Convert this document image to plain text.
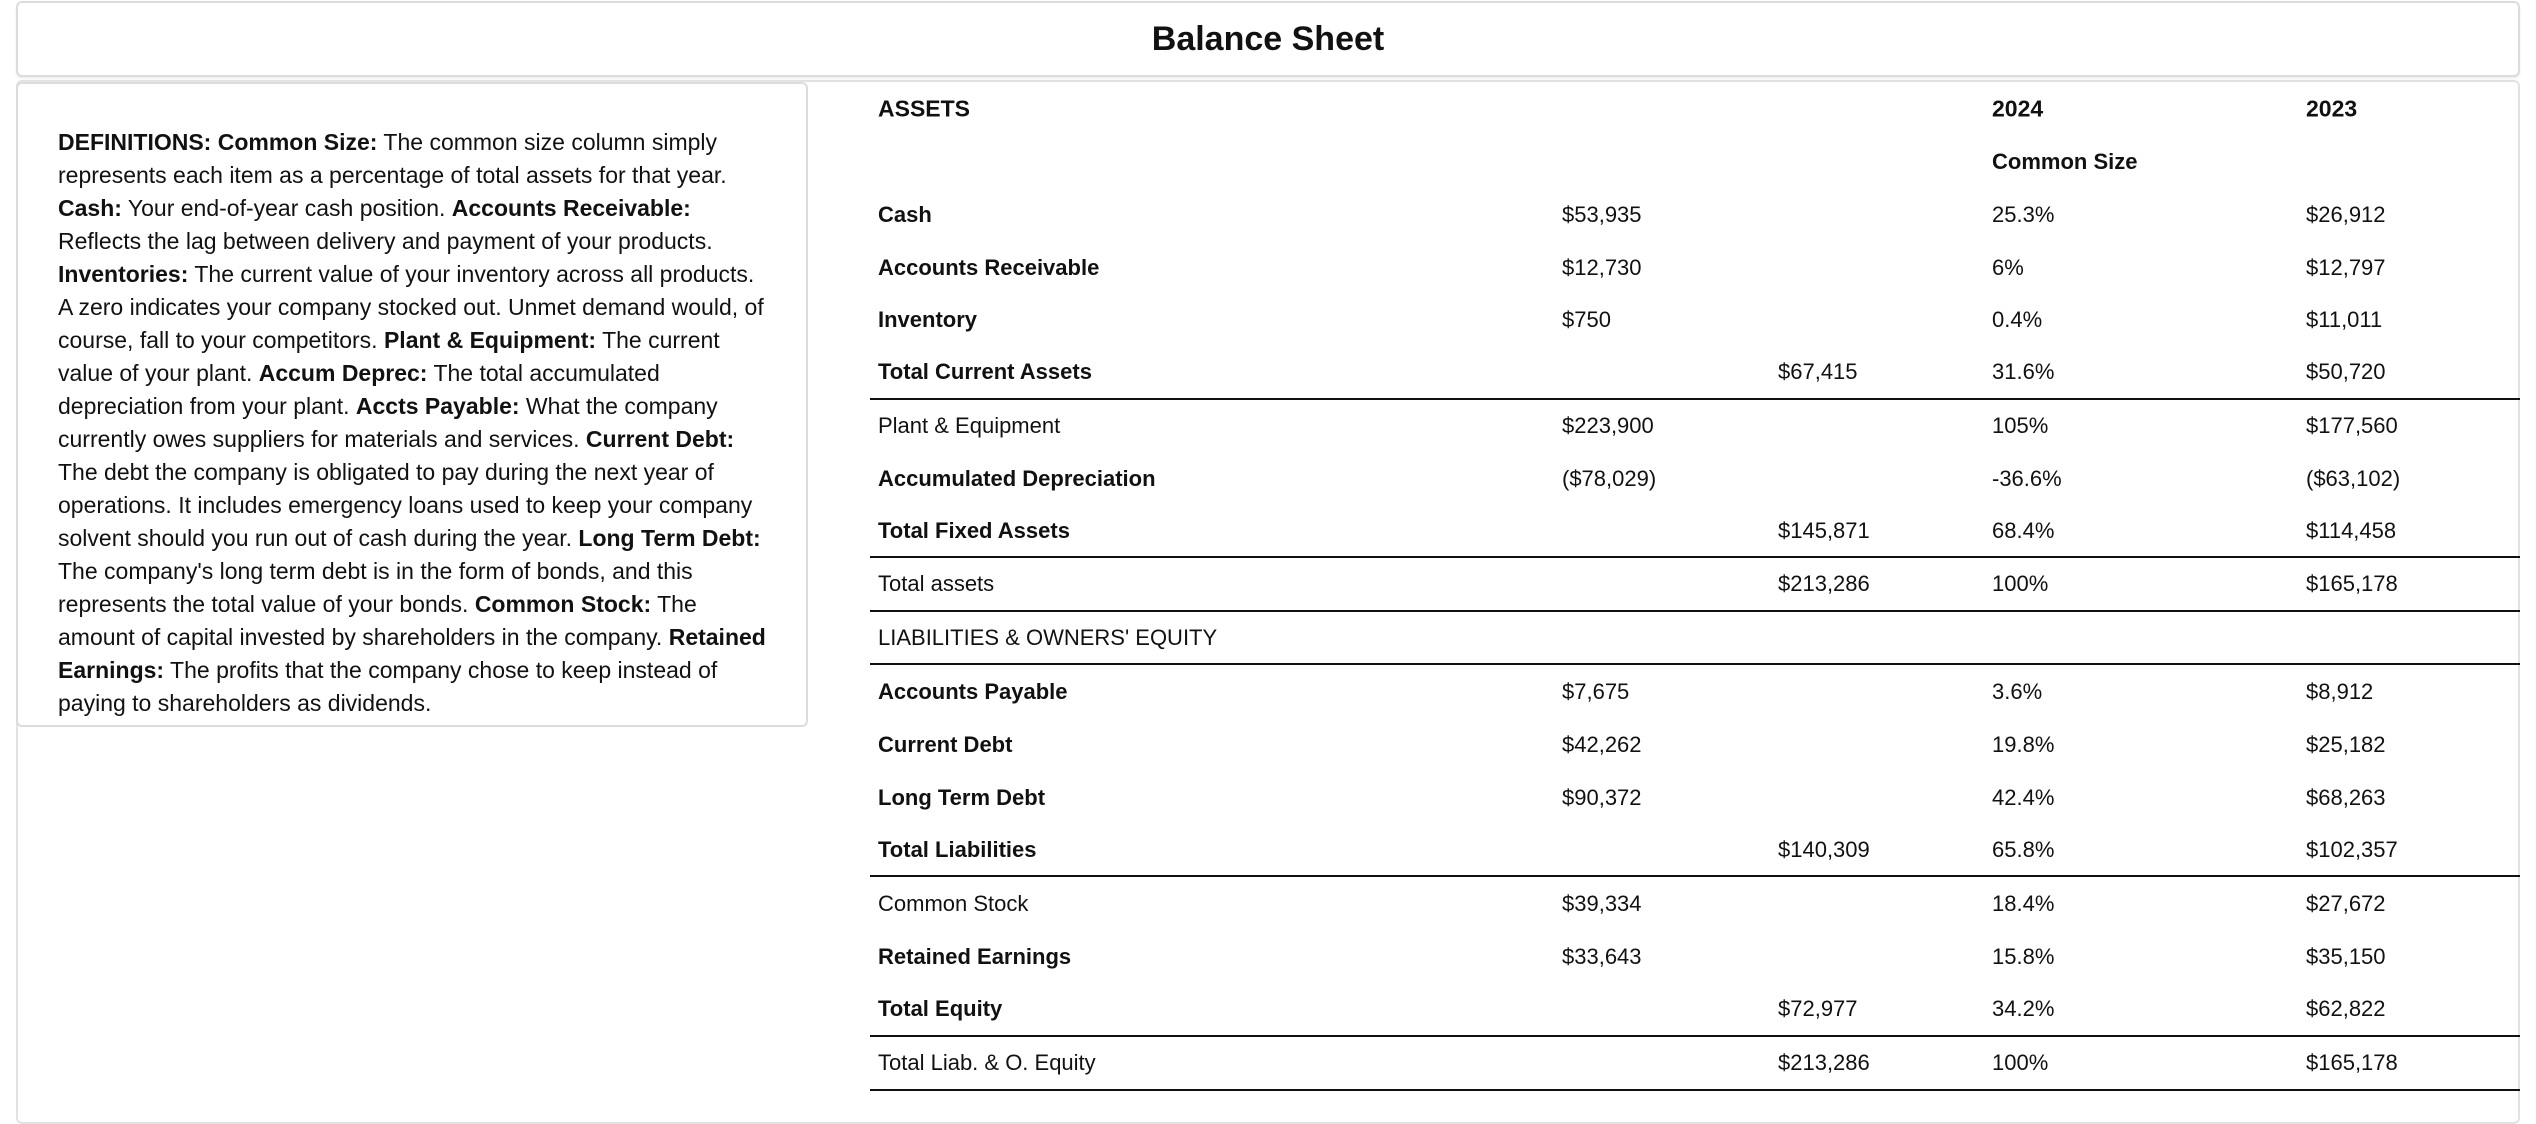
Balance Sheet
DEFINITIONS: Common Size: The common size column simply represents each item as a percentage of total assets for that year. Cash: Your end-of-year cash position. Accounts Receivable: Reflects the lag between delivery and payment of your products. Inventories: The current value of your inventory across all products. A zero indicates your company stocked out. Unmet demand would, of course, fall to your competitors. Plant & Equipment: The current value of your plant. Accum Deprec: The total accumulated depreciation from your plant. Accts Payable: What the company currently owes suppliers for materials and services. Current Debt: The debt the company is obligated to pay during the next year of operations. It includes emergency loans used to keep your company solvent should you run out of cash during the year. Long Term Debt: The company's long term debt is in the form of bonds, and this represents the total value of your bonds. Common Stock: The amount of capital invested by shareholders in the company. Retained Earnings: The profits that the company chose to keep instead of paying to shareholders as dividends.
ASSETS	2024	2023
Common Size
Cash	$53,935	25.3%	$26,912
Accounts Receivable	$12,730	6%	$12,797
Inventory	$750	0.4%	$11,011
Total Current Assets	$67,415	31.6%	$50,720
Plant & Equipment	$223,900	105%	$177,560
Accumulated Depreciation	($78,029)	-36.6%	($63,102)
Total Fixed Assets	$145,871	68.4%	$114,458
Total assets	$213,286	100%	$165,178
LIABILITIES & OWNERS' EQUITY
Accounts Payable	$7,675	3.6%	$8,912
Current Debt	$42,262	19.8%	$25,182
Long Term Debt	$90,372	42.4%	$68,263
Total Liabilities	$140,309	65.8%	$102,357
Common Stock	$39,334	18.4%	$27,672
Retained Earnings	$33,643	15.8%	$35,150
Total Equity	$72,977	34.2%	$62,822
Total Liab. & O. Equity	$213,286	100%	$165,178
